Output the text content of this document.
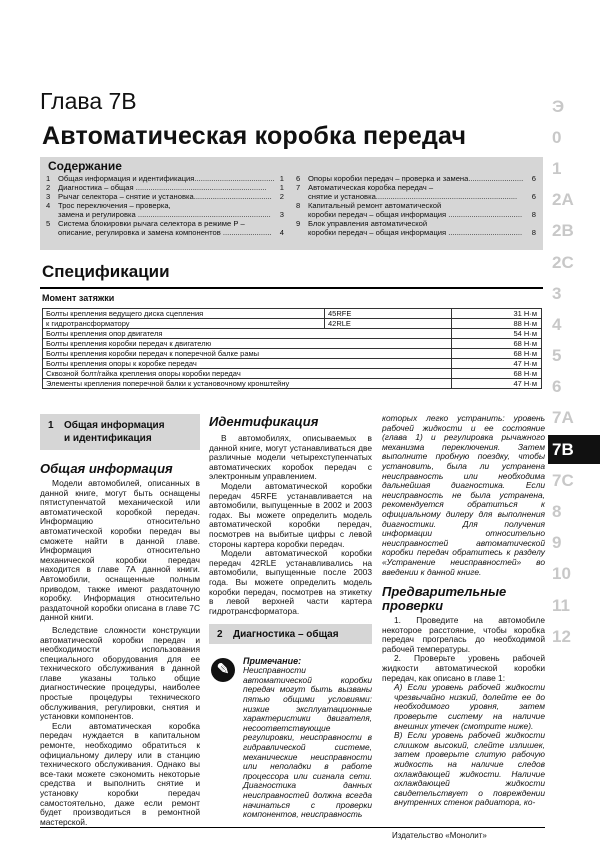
Глава 7B
Автоматическая коробка передач
Содержание
1	Общая информация и идентификация...................................... 1
2	Диагностика – общая ..............................................................	1
3	Рычаг селектора – снятие и установка.....................................	2
4	Трос переключения – проверка,
замена и регулировка ...............................................................	3
5	Система блокировки рычага селектора в режиме Р –
описание, регулировка и замена компонентов .......................	4
6	Опоры коробки передач – проверка и замена..........................	6
7	Автоматическая коробка передач –
снятие и установка...................................................................	6
8	Капитальный ремонт автоматической
коробки передач – общая информация ...................................	8
9	Блок управления автоматической
коробки передач – общая информация ...................................	8
Спецификации
Момент затяжки
Болты крепления ведущего диска сцепления	45RFE	31 Н·м
к гидротрансформатору	42RLE	88 Н·м
Болты крепления опор двигателя		54 Н·м
Болты крепления коробки передач к двигателю		68 Н·м
Болты крепления коробки передач к поперечной балке рамы		68 Н·м
Болты крепления опоры к коробке передач		47 Н·м
Сквозной болт/гайка крепления опоры коробки передач		68 Н·м
Элементы крепления поперечной балки к установочному кронштейну		47 Н·м
1 Общая информация
и идентификация
Общая информация
Модели автомобилей, описанных в данной книге, могут быть оснащены пятиступенчатой механической или автоматической коробкой передач. Информацию относительно автоматической коробки передач вы сможете найти в данной главе. Информация относительно механической коробки передач находится в главе 7А данной книги. Автомобили, оснащенные полным приводом, также имеют раздаточную коробку. Информация относительно раздаточной коробки описана в главе 7С данной книги.
Вследствие сложности конструкции автоматической коробки передач и необходимости использования специального оборудования для ее технического обслуживания в данной главе указаны только общие диагностические процедуры, наиболее простые процедуры технического обслуживания, регулировки, снятия и установки компонентов.
Если автоматическая коробка передач нуждается в капитальном ремонте, необходимо обратиться к официальному дилеру или в станцию технического обслуживания. Однако вы все-таки можете сэкономить некоторые средства и выполнить снятие и установку коробки передач самостоятельно, даже если ремонт будет производиться в ремонтной мастерской.
Идентификация
В автомобилях, описываемых в данной книге, могут устанавливаться две различные модели четырехступенчатых автоматических коробок передач с электронным управлением.
Модели автоматической коробки передач 45RFE устанавливается на автомобили, выпущенные в 2002 и 2003 годах. Вы можете определить модель автоматической коробки передач, посмотрев на выбитые цифры с левой стороны картера коробки передач.
Модели автоматической коробки передач 42RLE устанавливались на автомобили, выпущенные после 2003 года. Вы можете определить модель коробки передач, посмотрев на этикетку в левой верхней части картера гидротрансформатора.
2 Диагностика – общая
✎	Примечание:
Неисправности автоматической коробки передач могут быть вызваны пятью общими условиями: низкие эксплуатационные характеристики двигателя, несоответствующие регулировки, неисправности в гидравлической системе, механические неисправности или неполадки в работе процессора или сигнала сети. Диагностика данных неисправностей должна всегда начинаться с проверки компонентов, неисправность
которых легко устранить: уровень рабочей жидкости и ее состояние (глава 1) и регулировка рычажного механизма переключения. Затем выполните пробную поездку, чтобы установить, была ли устранена неисправность или необходима дальнейшая диагностика. Если неисправность не была устранена, рекомендуется обратиться к официальному дилеру для выполнения диагностики. Для получения информации относительно неисправностей автоматической коробки передач обратитесь к разделу «Устранение неисправностей» во введении к данной книге.
Предварительные
проверки
1. Проведите на автомобиле некоторое расстояние, чтобы коробка передач прогрелась до необходимой рабочей температуры.
2. Проверьте уровень рабочей жидкости автоматической коробки передач, как описано в главе 1:
А) Если уровень рабочей жидкости чрезвычайно низкий, долейте ее до необходимого уровня, затем проверьте систему на наличие внешних утечек (смотрите ниже).
В) Если уровень рабочей жидкости слишком высокий, слейте излишек, затем проверьте слитую рабочую жидкость на наличие следов охлаждающей жидкости. Наличие охлаждающей жидкости свидетельствует о повреждении внутренних стенок радиатора, ко-
Э
0
1
2A
2B
2C
3
4
5
6
7A
7B
7C
8
9
10
11
12
Издательство «Монолит»
